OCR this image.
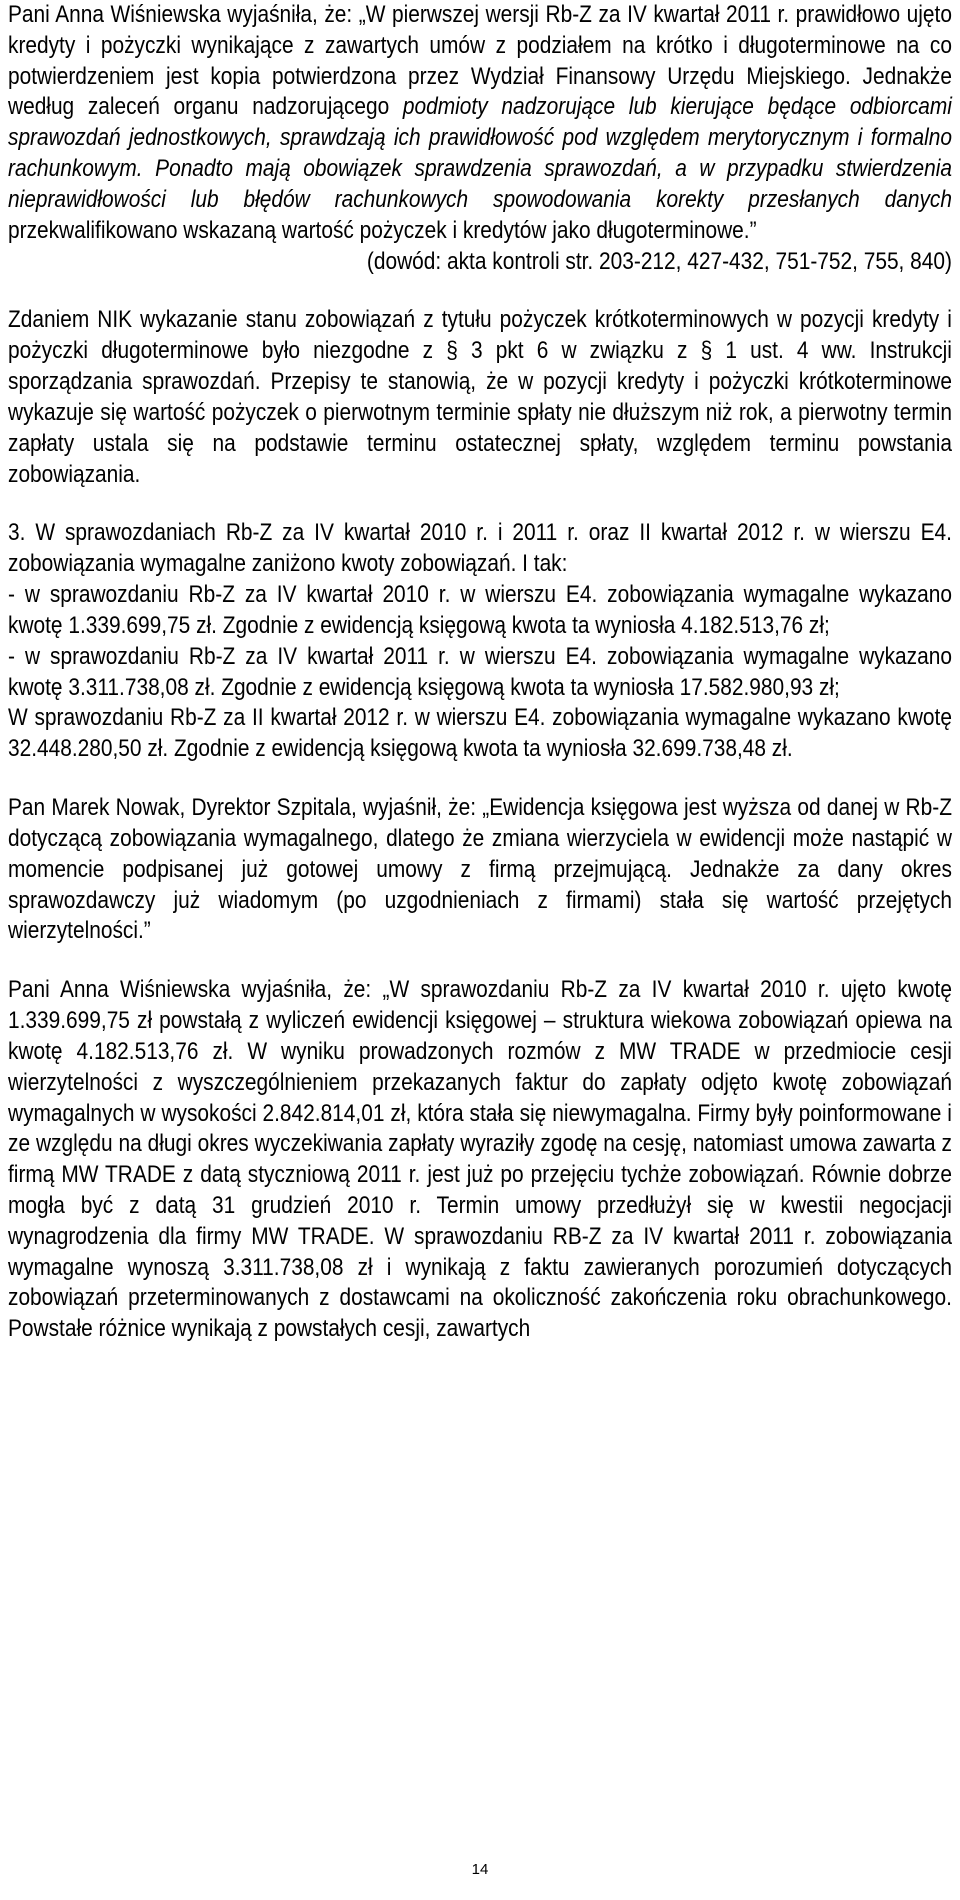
Pani Anna Wiśniewska wyjaśniła, że: „W pierwszej wersji Rb-Z za IV kwartał 2011 r. prawidłowo ujęto kredyty i pożyczki wynikające z zawartych umów z podziałem na krótko i długoterminowe na co potwierdzeniem jest kopia potwierdzona przez Wydział Finansowy Urzędu Miejskiego. Jednakże według zaleceń organu nadzorującego podmioty nadzorujące lub kierujące będące odbiorcami sprawozdań jednostkowych, sprawdzają ich prawidłowość pod względem merytorycznym i formalno rachunkowym. Ponadto mają obowiązek sprawdzenia sprawozdań, a w przypadku stwierdzenia nieprawidłowości lub błędów rachunkowych spowodowania korekty przesłanych danych przekwalifikowano wskazaną wartość pożyczek i kredytów jako długoterminowe.”
(dowód: akta kontroli str. 203-212, 427-432, 751-752, 755, 840)

Zdaniem NIK wykazanie stanu zobowiązań z tytułu pożyczek krótkoterminowych w pozycji kredyty i pożyczki długoterminowe było niezgodne z § 3 pkt 6 w związku z § 1 ust. 4 ww. Instrukcji sporządzania sprawozdań. Przepisy te stanowią, że w pozycji kredyty i pożyczki krótkoterminowe wykazuje się wartość pożyczek o pierwotnym terminie spłaty nie dłuższym niż rok, a pierwotny termin zapłaty ustala się na podstawie terminu ostatecznej spłaty, względem terminu powstania zobowiązania.

3. W sprawozdaniach Rb-Z za IV kwartał 2010 r. i 2011 r. oraz II kwartał 2012 r. w wierszu E4. zobowiązania wymagalne zaniżono kwoty zobowiązań. I tak:
- w sprawozdaniu Rb-Z za IV kwartał 2010 r. w wierszu E4. zobowiązania wymagalne wykazano kwotę 1.339.699,75 zł. Zgodnie z ewidencją księgową kwota ta wyniosła 4.182.513,76 zł;
- w sprawozdaniu Rb-Z za IV kwartał 2011 r. w wierszu E4. zobowiązania wymagalne wykazano kwotę 3.311.738,08 zł. Zgodnie z ewidencją księgową kwota ta wyniosła 17.582.980,93 zł;
W sprawozdaniu Rb-Z za II kwartał 2012 r. w wierszu E4. zobowiązania wymagalne wykazano kwotę 32.448.280,50 zł. Zgodnie z ewidencją księgową kwota ta wyniosła 32.699.738,48 zł.

Pan Marek Nowak, Dyrektor Szpitala, wyjaśnił, że: „Ewidencja księgowa jest wyższa od danej w Rb-Z dotyczącą zobowiązania wymagalnego, dlatego że zmiana wierzyciela w ewidencji może nastąpić w momencie podpisanej już gotowej umowy z firmą przejmującą. Jednakże za dany okres sprawozdawczy już wiadomym (po uzgodnieniach z firmami) stała się wartość przejętych wierzytelności.”

Pani Anna Wiśniewska wyjaśniła, że: „W sprawozdaniu Rb-Z za IV kwartał 2010 r. ujęto kwotę 1.339.699,75 zł powstałą z wyliczeń ewidencji księgowej – struktura wiekowa zobowiązań opiewa na kwotę 4.182.513,76 zł. W wyniku prowadzonych rozmów z MW TRADE w przedmiocie cesji wierzytelności z wyszczególnieniem przekazanych faktur do zapłaty odjęto kwotę zobowiązań wymagalnych w wysokości 2.842.814,01 zł, która stała się niewymagalna. Firmy były poinformowane i ze względu na długi okres wyczekiwania zapłaty wyraziły zgodę na cesję, natomiast umowa zawarta z firmą MW TRADE z datą styczniową 2011 r. jest już po przejęciu tychże zobowiązań. Równie dobrze mogła być z datą 31 grudzień 2010 r. Termin umowy przedłużył się w kwestii negocjacji wynagrodzenia dla firmy MW TRADE. W sprawozdaniu RB-Z za IV kwartał 2011 r. zobowiązania wymagalne wynoszą 3.311.738,08 zł i wynikają z faktu zawieranych porozumień dotyczących zobowiązań przeterminowanych z dostawcami na okoliczność zakończenia roku obrachunkowego. Powstałe różnice wynikają z powstałych cesji, zawartych

14
